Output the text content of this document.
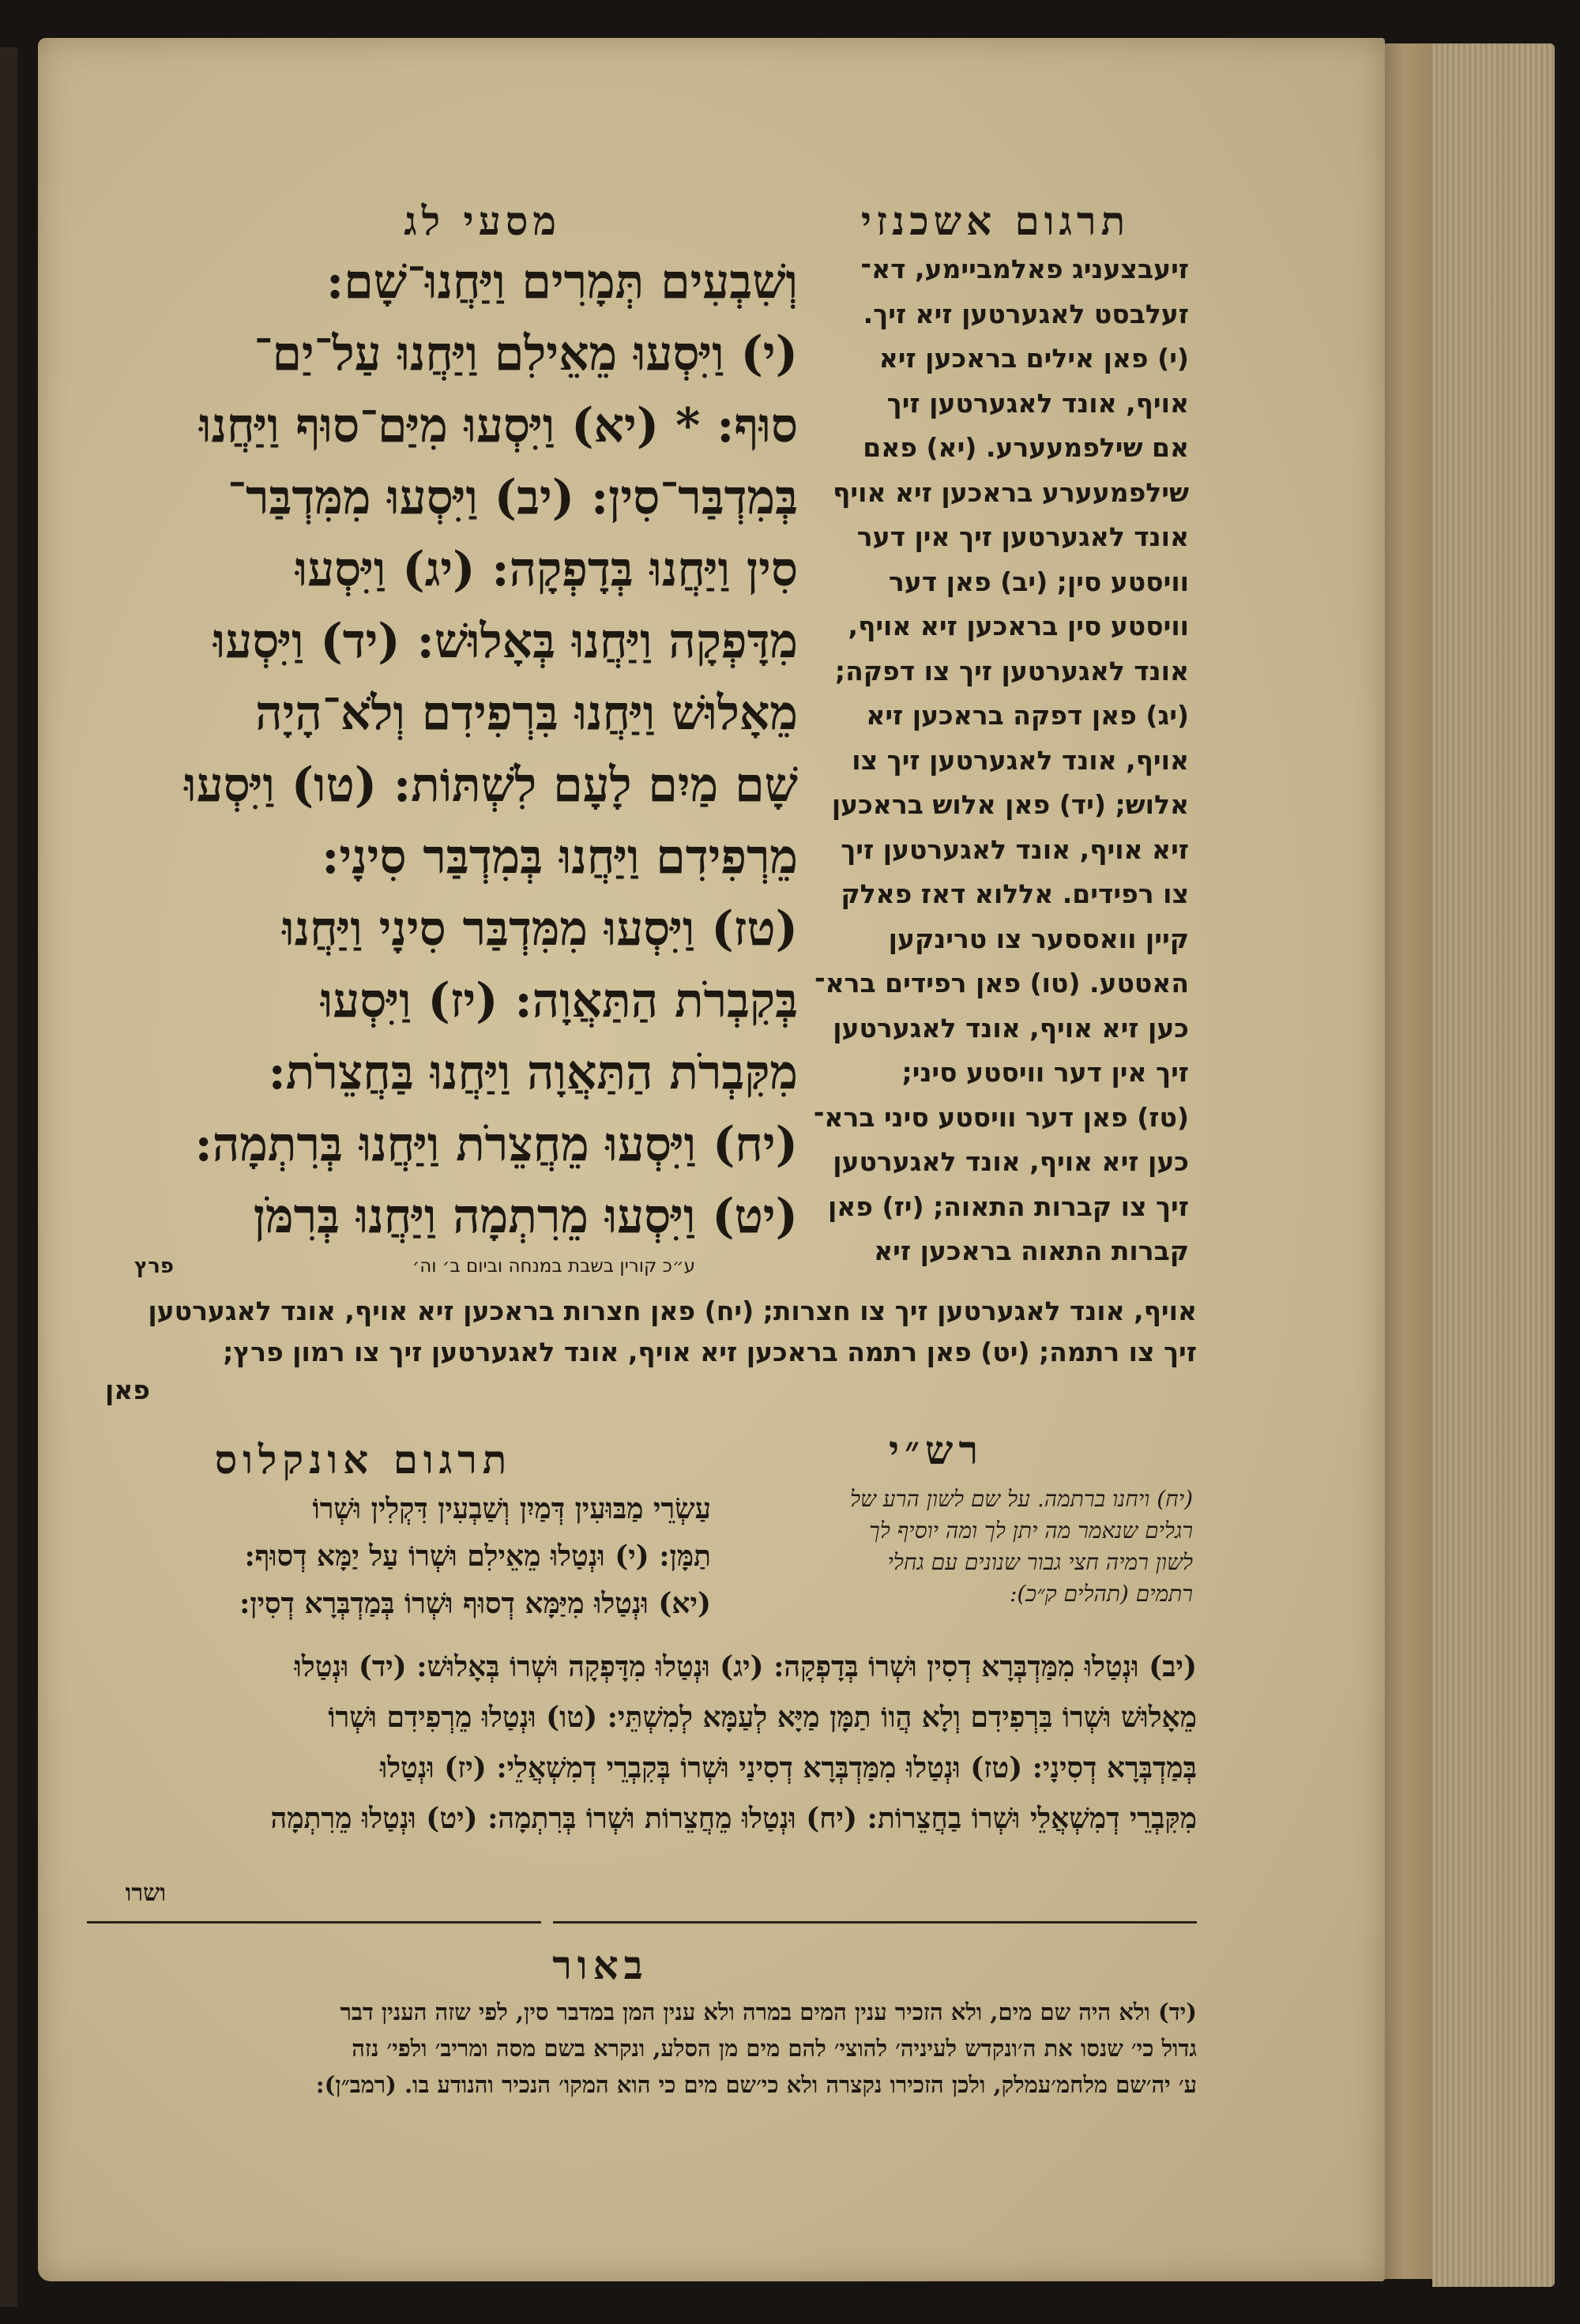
מסעי לג	תרגום אשכנזי
וְשִׁבְעִים תְּמָרִים וַיַּחֲנוּ־שָׁם:
(י) וַיִּסְעוּ מֵאֵילִם וַיַּחֲנוּ עַל־יַם־
סוּף: * (יא) וַיִּסְעוּ מִיַּם־סוּף וַיַּחֲנוּ
בְּמִדְבַּר־סִין: (יב) וַיִּסְעוּ מִמִּדְבַּר־
סִין וַיַּחֲנוּ בְּדָפְקָה: (יג) וַיִּסְעוּ
מִדָּפְקָה וַיַּחֲנוּ בְּאָלוּשׁ: (יד) וַיִּסְעוּ
מֵאָלוּשׁ וַיַּחֲנוּ בִּרְפִידִם וְלֹא־הָיָה
שָׁם מַיִם לָעָם לִשְׁתּוֹת: (טו) וַיִּסְעוּ
מֵרְפִידִם וַיַּחֲנוּ בְּמִדְבַּר סִינָי:
(טז) וַיִּסְעוּ מִמִּדְבַּר סִינָי וַיַּחֲנוּ
בְּקִבְרֹת הַתַּאֲוָה: (יז) וַיִּסְעוּ
מִקִּבְרֹת הַתַּאֲוָה וַיַּחֲנוּ בַּחֲצֵרֹת:
(יח) וַיִּסְעוּ מֵחֲצֵרֹת וַיַּחֲנוּ בְּרִתְמָה:
(יט) וַיִּסְעוּ מֵרִתְמָה וַיַּחֲנוּ בְּרִמֹּן
זיעבצעניג פאלמביימע, דא־
זעלבסט לאגערטען זיא זיך.
(י) פאן אילים בראכען זיא
אויף, אונד לאגערטען זיך
אם שילפמעערע. (יא) פאם
שילפמעערע בראכען זיא אויף
אונד לאגערטען זיך אין דער
וויסטע סין; (יב) פאן דער
וויסטע סין בראכען זיא אויף,
אונד לאגערטען זיך צו דפקה;
(יג) פאן דפקה בראכען זיא
אויף, אונד לאגערטען זיך צו
אלוש; (יד) פאן אלוש בראכען
זיא אויף, אונד לאגערטען זיך
צו רפידים. אללוא דאז פאלק
קיין וואססער צו טרינקען
האטטע. (טו) פאן רפידים ברא־
כען זיא אויף, אונד לאגערטען
זיך אין דער וויסטע סיני;
(טז) פאן דער וויסטע סיני ברא־
כען זיא אויף, אונד לאגערטען
זיך צו קברות התאוה; (יז) פאן
קברות התאוה בראכען זיא
ע״כ קורין בשבת במנחה וביום ב׳ וה׳
פרץ
אויף, אונד לאגערטען זיך צו חצרות; (יח) פאן חצרות בראכען זיא אויף, אונד לאגערטען
זיך צו רתמה; (יט) פאן רתמה בראכען זיא אויף, אונד לאגערטען זיך צו רמון פרץ;
פאן
תרגום אונקלוס	רש״י
(יח) ויחנו ברתמה. על שם לשון הרע של
רגלים שנאמר מה יתן לך ומה יוסיף לך
לשון רמיה חצי גבור שנונים עם גחלי
רתמים (תהלים ק״כ):
עַשְׂרֵי מַבּוּעִין דְּמַיִן וְשַׁבְעִין דִּקְלִין וּשְׁרוֹ
תַמָּן: (י) וּנְטַלוּ מֵאֵילִם וּשְׁרוֹ עַל יַמָּא דְסוּף:
(יא) וּנְטַלוּ מִיַּמָּא דְסוּף וּשְׁרוֹ בְּמַדְבְּרָא דְסִין:
(יב) וּנְטַלוּ מִמַּדְבְּרָא דְסִין וּשְׁרוֹ בְּדָפְקָה: (יג) וּנְטַלוּ מִדָּפְקָה וּשְׁרוֹ בְּאָלוּשׁ: (יד) וּנְטַלוּ
מֵאָלוּשׁ וּשְׁרוֹ בִּרְפִידִם וְלָא הֲווֹ תַמָּן מַיָּא לְעַמָּא לְמִשְׁתֵּי: (טו) וּנְטַלוּ מֵרְפִידִם וּשְׁרוֹ
בְּמַדְבְּרָא דְסִינָי: (טז) וּנְטַלוּ מִמַּדְבְּרָא דְסִינַי וּשְׁרוֹ בְּקִבְרֵי דְמִשְׁאֲלֵי: (יז) וּנְטַלוּ
מִקִּבְרֵי דְמִשְׁאֲלֵי וּשְׁרוֹ בַחֲצֵרוֹת: (יח) וּנְטַלוּ מֵחֲצֵרוֹת וּשְׁרוֹ בְּרִתְמָה: (יט) וּנְטַלוּ מֵרִתְמָה
ושרו
באור
(יד) ולא היה שם מים, ולא הזכיר ענין המים במרה ולא ענין המן במדבר סין, לפי שזה הענין דבר
גדול כי׳ שנסו את ה׳ונקדש לעיניה׳ להוצי׳ להם מים מן הסלע, ונקרא בשם מסה ומריב׳ ולפי׳ נזה
ע׳ יה׳שם מלחמ׳עמלק, ולכן הזכירו נקצרה ולא כי׳שם מים כי הוא המקו׳ הנכיר והנודע בו. (רמב״ן):
